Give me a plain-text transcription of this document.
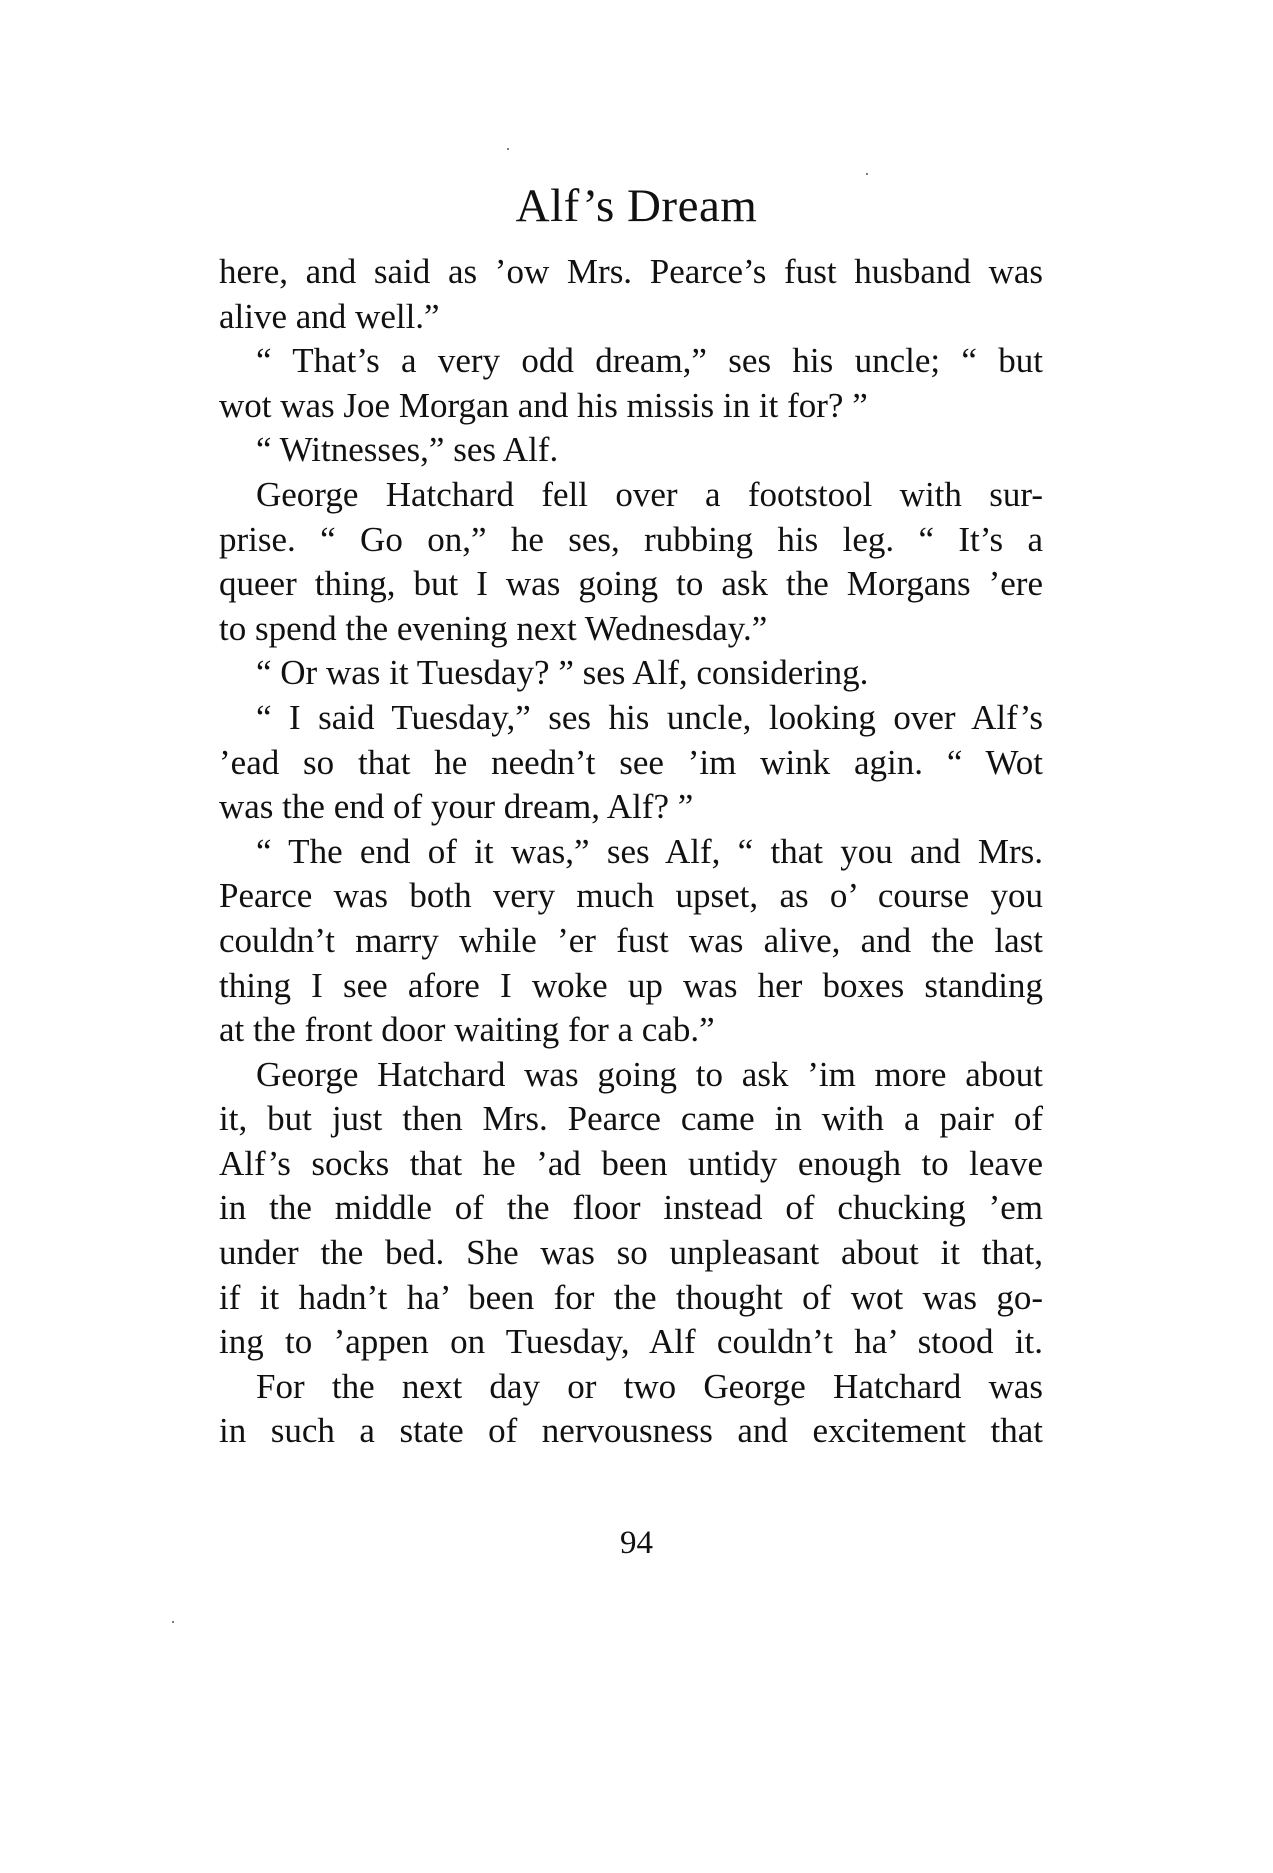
Alf’s Dream
here, and said as ’ow Mrs. Pearce’s fust husband was
alive and well.”
“ That’s a very odd dream,” ses his uncle; “ but
wot was Joe Morgan and his missis in it for? ”
“ Witnesses,” ses Alf.
George Hatchard fell over a footstool with sur-
prise. “ Go on,” he ses, rubbing his leg. “ It’s a
queer thing, but I was going to ask the Morgans ’ere
to spend the evening next Wednesday.”
“ Or was it Tuesday? ” ses Alf, considering.
“ I said Tuesday,” ses his uncle, looking over Alf’s
’ead so that he needn’t see ’im wink agin. “ Wot
was the end of your dream, Alf? ”
“ The end of it was,” ses Alf, “ that you and Mrs.
Pearce was both very much upset, as o’ course you
couldn’t marry while ’er fust was alive, and the last
thing I see afore I woke up was her boxes standing
at the front door waiting for a cab.”
George Hatchard was going to ask ’im more about
it, but just then Mrs. Pearce came in with a pair of
Alf’s socks that he ’ad been untidy enough to leave
in the middle of the floor instead of chucking ’em
under the bed. She was so unpleasant about it that,
if it hadn’t ha’ been for the thought of wot was go-
ing to ’appen on Tuesday, Alf couldn’t ha’ stood it.
For the next day or two George Hatchard was
in such a state of nervousness and excitement that
94
